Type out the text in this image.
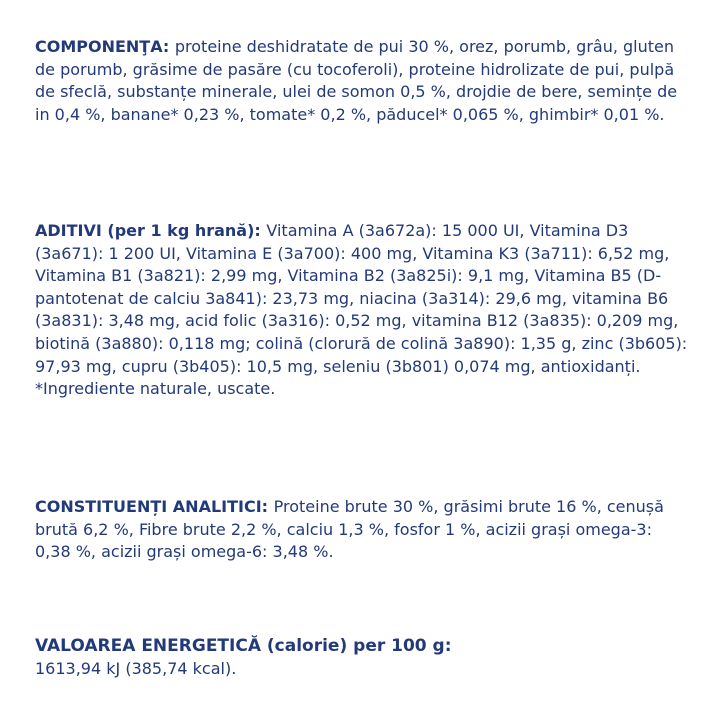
COMPONENŢA: proteine deshidratate de pui 30 %, orez, porumb, grâu, gluten de porumb, grăsime de pasăre (cu tocoferoli), proteine hidrolizate de pui, pulpă de sfeclă, substanțe minerale, ulei de somon 0,5 %, drojdie de bere, semințe de in 0,4 %, banane* 0,23 %, tomate* 0,2 %, păducel* 0,065 %, ghimbir* 0,01 %.
ADITIVI (per 1 kg hrană): Vitamina A (3a672a): 15 000 UI, Vitamina D3 (3a671): 1 200 UI, Vitamina E (3a700): 400 mg, Vitamina K3 (3a711): 6,52 mg, Vitamina B1 (3a821): 2,99 mg, Vitamina B2 (3a825i): 9,1 mg, Vitamina B5 (D-pantotenat de calciu 3a841): 23,73 mg, niacina (3a314): 29,6 mg, vitamina B6 (3a831): 3,48 mg, acid folic (3a316): 0,52 mg, vitamina B12 (3a835): 0,209 mg, biotină (3a880): 0,118 mg; colină (clorură de colină 3a890): 1,35 g, zinc (3b605): 97,93 mg, cupru (3b405): 10,5 mg, seleniu (3b801) 0,074 mg, antioxidanți.
*Ingrediente naturale, uscate.
CONSTITUENȚI ANALITICI: Proteine brute 30 %, grăsimi brute 16 %, cenușă brută 6,2 %, Fibre brute 2,2 %, calciu 1,3 %, fosfor 1 %, acizii grași omega-3: 0,38 %, acizii grași omega-6: 3,48 %.
VALOAREA ENERGETICĂ (calorie) per 100 g:
1613,94 kJ (385,74 kcal).
